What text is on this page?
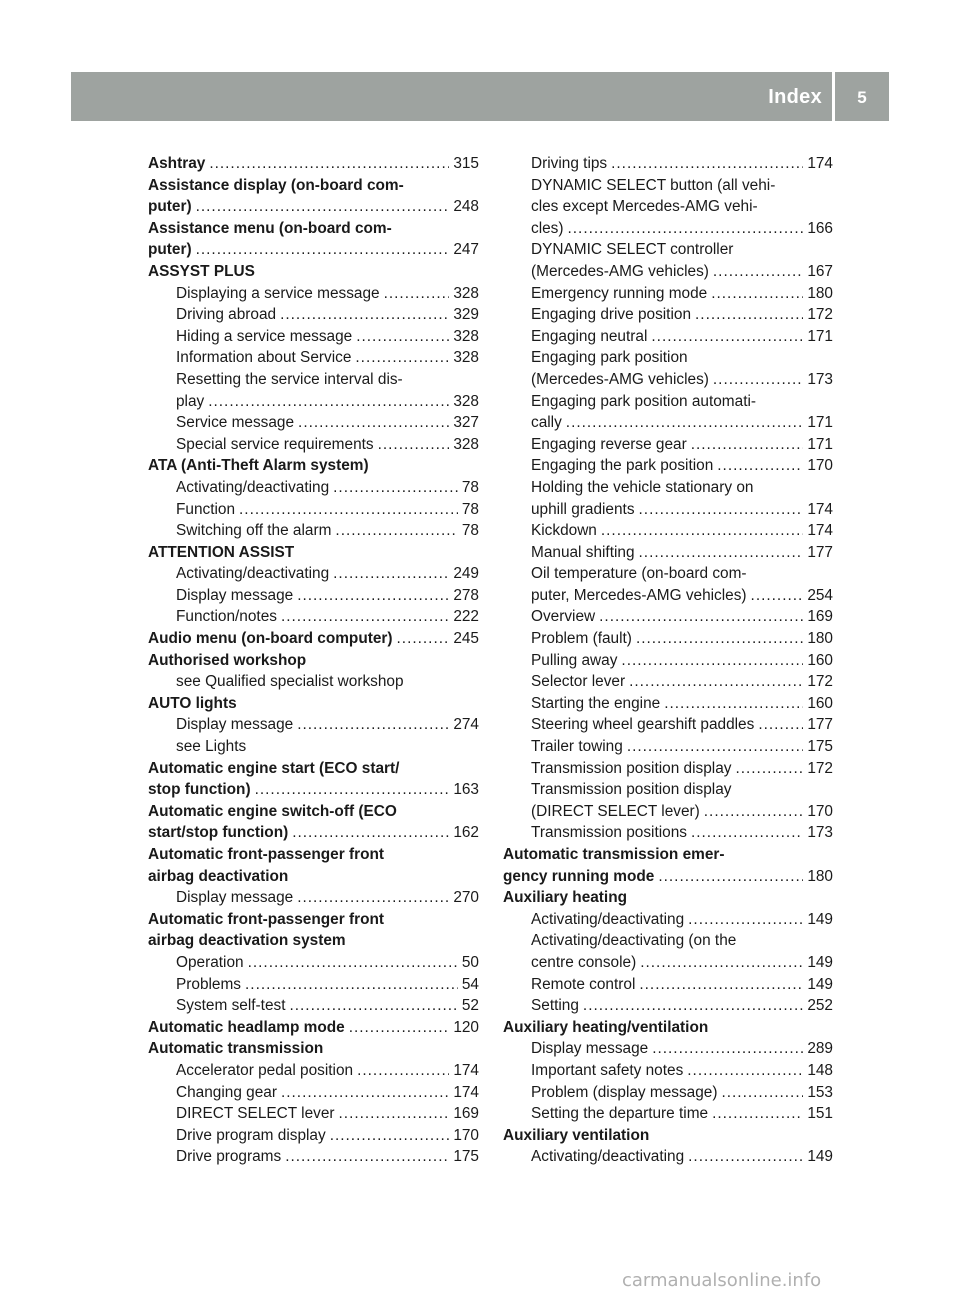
Index	5
Ashtray .....	315
Assistance display (on-board com-
puter) .....	248
Assistance menu (on-board com-
puter) .....	247
ASSYST PLUS
Displaying a service message .....	328
Driving abroad .....	329
Hiding a service message .....	328
Information about Service .....	328
Resetting the service interval dis-
play .....	328
Service message .....	327
Special service requirements .....	328
ATA (Anti-Theft Alarm system)
Activating/deactivating .....	78
Function .....	78
Switching off the alarm .....	78
ATTENTION ASSIST
Activating/deactivating .....	249
Display message .....	278
Function/notes .....	222
Audio menu (on-board computer) .....	245
Authorised workshop
see Qualified specialist workshop
AUTO lights
Display message .....	274
see Lights
Automatic engine start (ECO start/
stop function) .....	163
Automatic engine switch-off (ECO
start/stop function) .....	162
Automatic front-passenger front
airbag deactivation
Display message .....	270
Automatic front-passenger front
airbag deactivation system
Operation .....	50
Problems .....	54
System self-test .....	52
Automatic headlamp mode .....	120
Automatic transmission
Accelerator pedal position .....	174
Changing gear .....	174
DIRECT SELECT lever .....	169
Drive program display .....	170
Drive programs .....	175
Driving tips .....	174
DYNAMIC SELECT button (all vehi-
cles except Mercedes-AMG vehi-
cles) .....	166
DYNAMIC SELECT controller
(Mercedes-AMG vehicles) .....	167
Emergency running mode .....	180
Engaging drive position .....	172
Engaging neutral .....	171
Engaging park position
(Mercedes-AMG vehicles) .....	173
Engaging park position automati-
cally .....	171
Engaging reverse gear .....	171
Engaging the park position .....	170
Holding the vehicle stationary on
uphill gradients .....	174
Kickdown .....	174
Manual shifting .....	177
Oil temperature (on-board com-
puter, Mercedes-AMG vehicles) .....	254
Overview .....	169
Problem (fault) .....	180
Pulling away .....	160
Selector lever .....	172
Starting the engine .....	160
Steering wheel gearshift paddles .....	177
Trailer towing .....	175
Transmission position display .....	172
Transmission position display
(DIRECT SELECT lever) .....	170
Transmission positions .....	173
Automatic transmission emer-
gency running mode .....	180
Auxiliary heating
Activating/deactivating .....	149
Activating/deactivating (on the
centre console) .....	149
Remote control .....	149
Setting .....	252
Auxiliary heating/ventilation
Display message .....	289
Important safety notes .....	148
Problem (display message) .....	153
Setting the departure time .....	151
Auxiliary ventilation
Activating/deactivating .....	149
carmanualsonline.info
